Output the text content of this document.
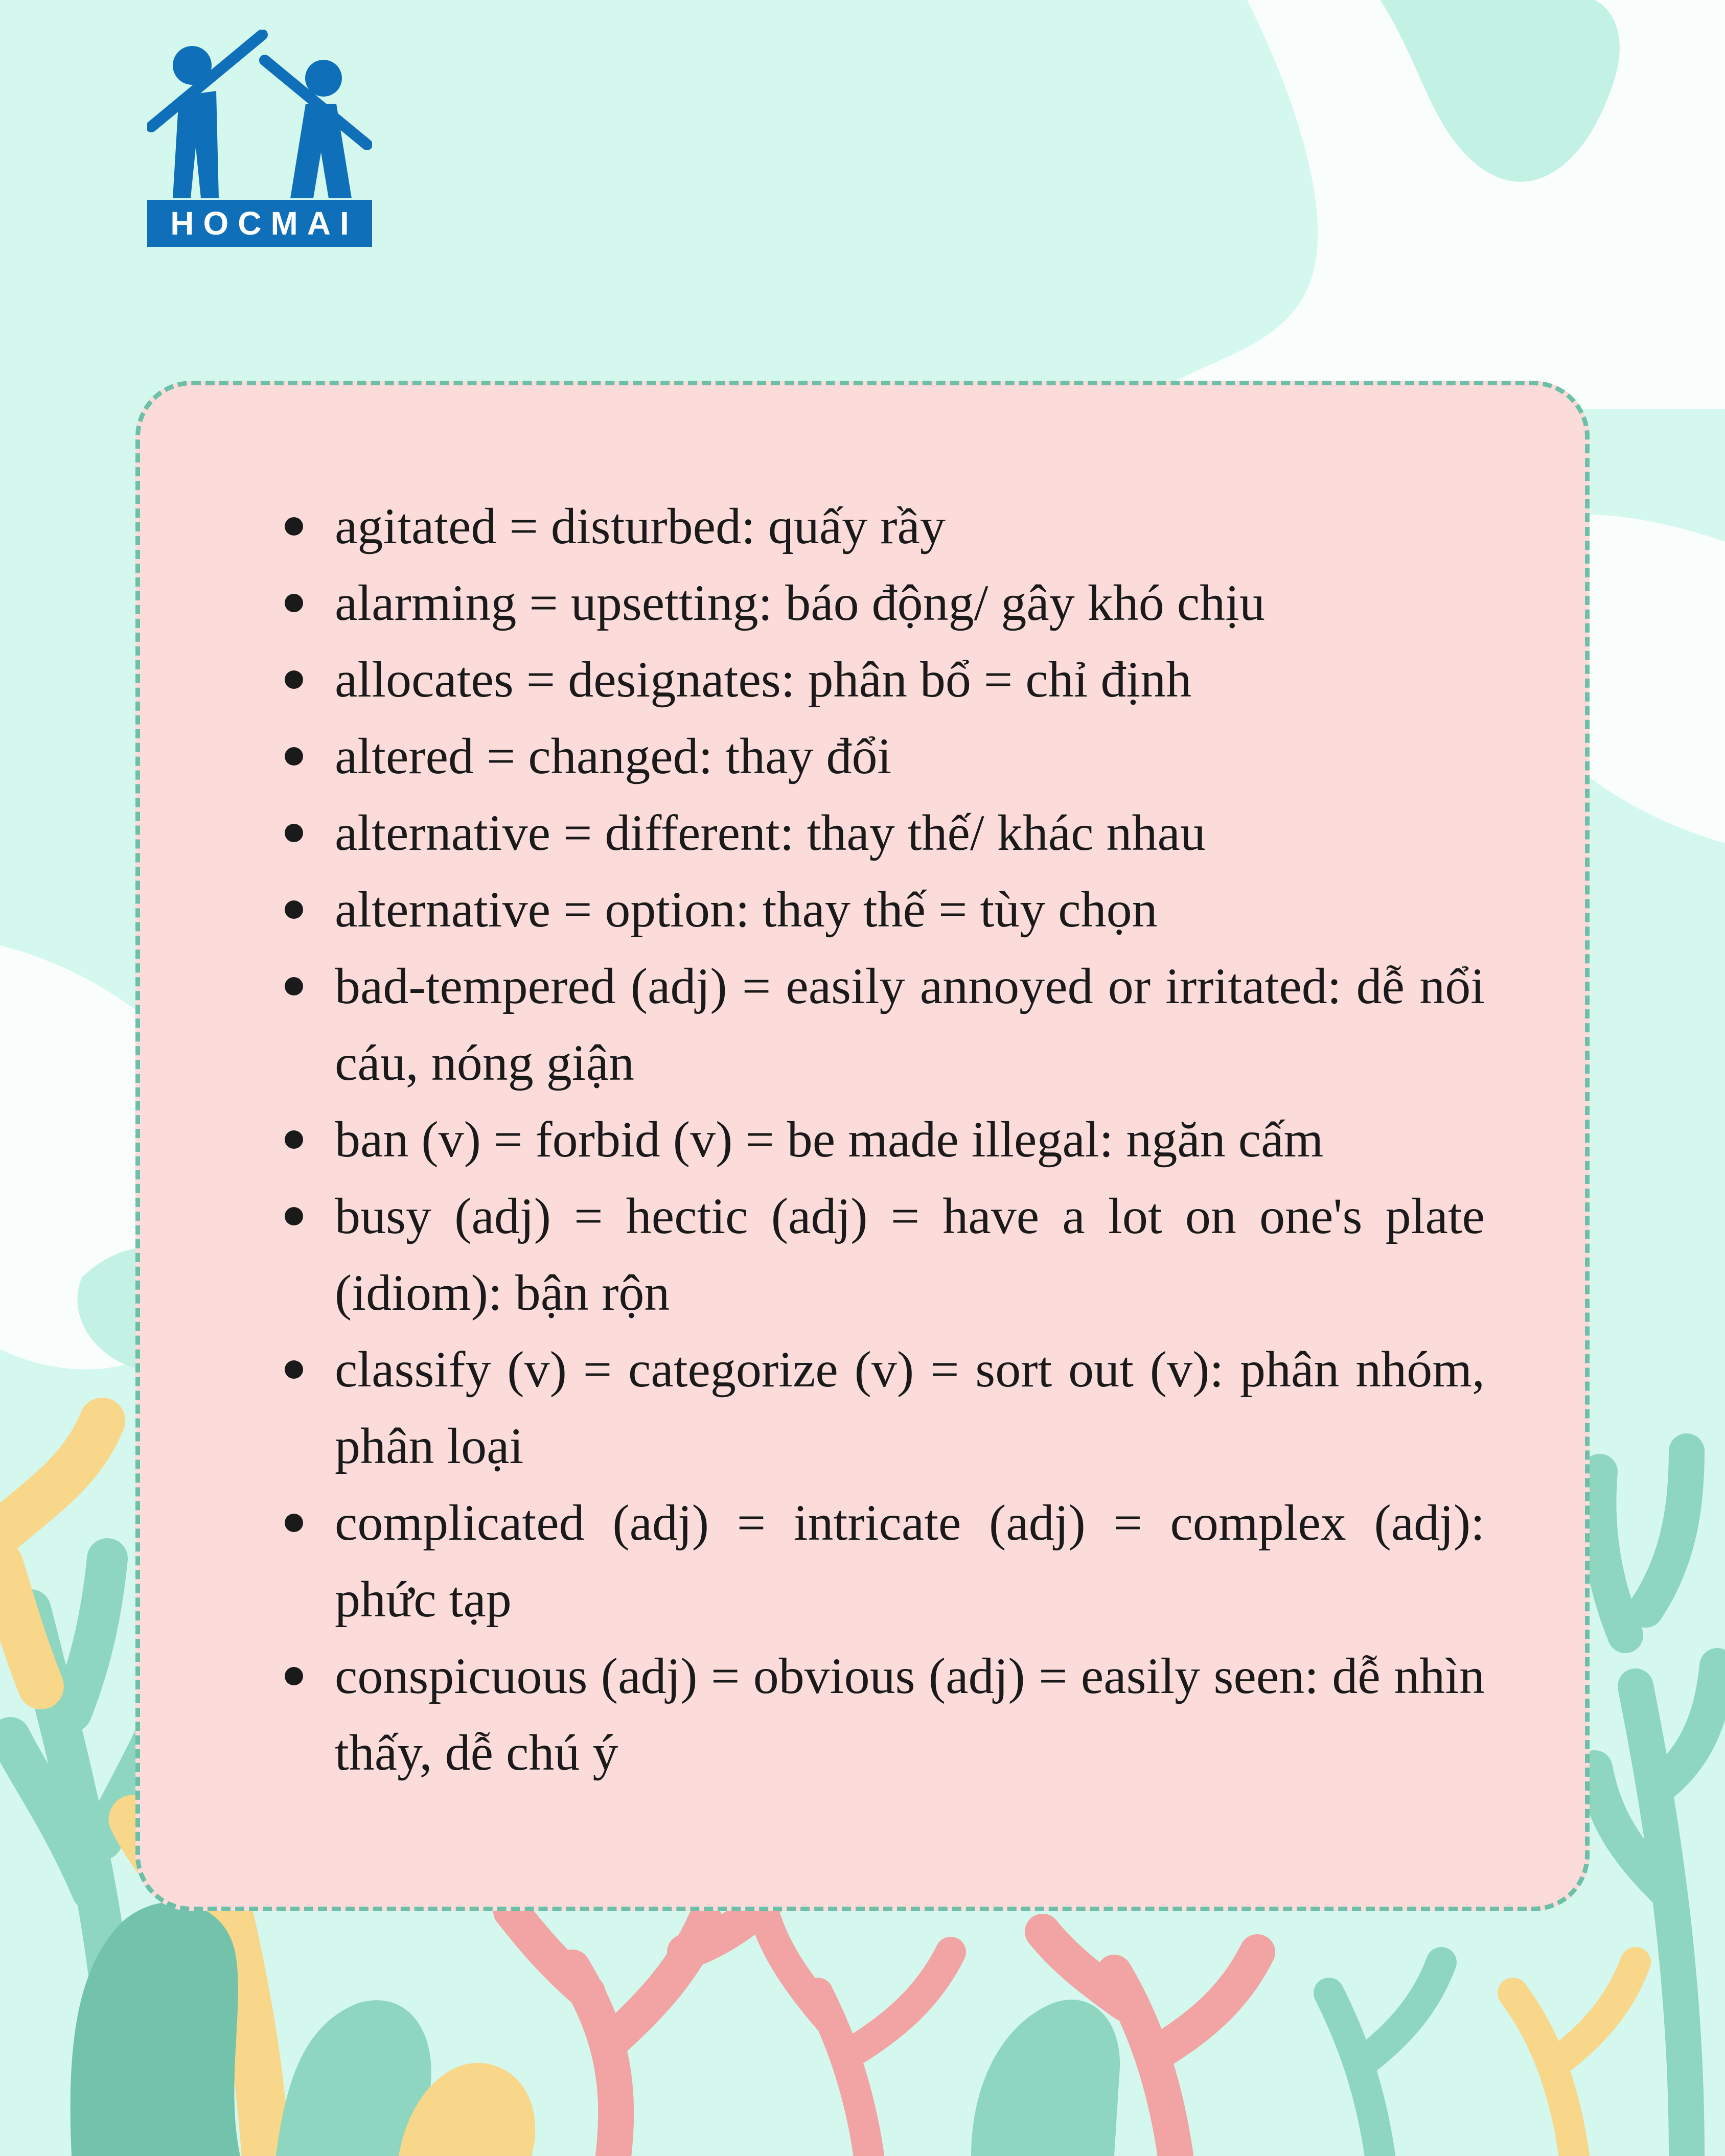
HOCMAI
agitated = disturbed: quấy rầy
alarming = upsetting: báo động/ gây khó chịu
allocates = designates: phân bổ = chỉ định
altered = changed: thay đổi
alternative = different: thay thế/ khác nhau
alternative = option: thay thế = tùy chọn
bad-tempered (adj) = easily annoyed or irritated: dễ nổi cáu, nóng giận
ban (v) = forbid (v) = be made illegal: ngăn cấm
busy (adj) = hectic (adj) = have a lot on one's plate (idiom): bận rộn
classify (v) = categorize (v) = sort out (v): phân nhóm, phân loại
complicated (adj) = intricate (adj) = complex (adj): phức tạp
conspicuous (adj) = obvious (adj) = easily seen: dễ nhìn thấy, dễ chú ý
